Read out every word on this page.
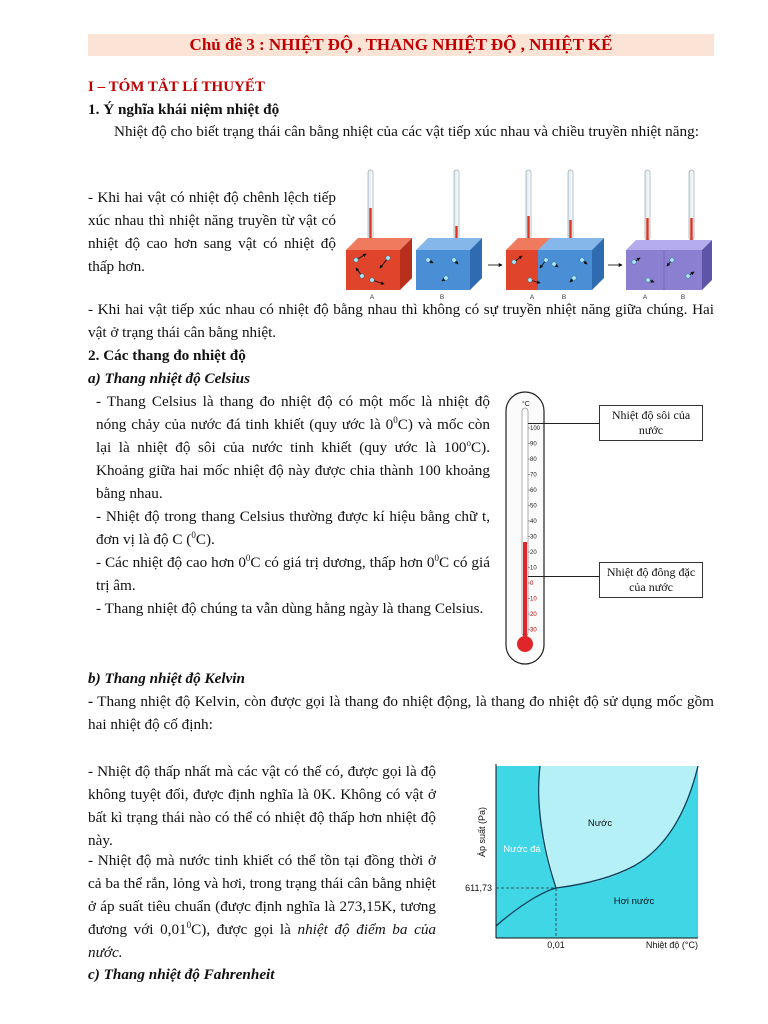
Chủ đề 3 : NHIỆT ĐỘ , THANG NHIỆT ĐỘ , NHIỆT KẾ
I – TÓM TẮT LÍ THUYẾT
1. Ý nghĩa khái niệm nhiệt độ
Nhiệt độ cho biết trạng thái cân bằng nhiệt của các vật tiếp xúc nhau và chiều truyền nhiệt năng:
- Khi hai vật có nhiệt độ chênh lệch tiếp xúc nhau thì nhiệt năng truyền từ vật có nhiệt độ cao hơn sang vật có nhiệt độ thấp hơn.
A	B	A	B	A	B
- Khi hai vật tiếp xúc nhau có nhiệt độ bằng nhau thì không có sự truyền nhiệt năng giữa chúng. Hai vật ở trạng thái cân bằng nhiệt.
2. Các thang đo nhiệt độ
a) Thang nhiệt độ Celsius
- Thang Celsius là thang đo nhiệt độ có một mốc là nhiệt độ nóng chảy của nước đá tinh khiết (quy ước là $0^0C$) và mốc còn lại là nhiệt độ sôi của nước tinh khiết (quy ước là 100$^o$C). Khoảng giữa hai mốc nhiệt độ này được chia thành 100 khoảng bằng nhau.
- Nhiệt độ trong thang Celsius thường được kí hiệu bằng chữ t, đơn vị là độ C ($^0$C).
- Các nhiệt độ cao hơn $0^0C$ có giá trị dương, thấp hơn $0^0C$ có giá trị âm.
- Thang nhiệt độ chúng ta vẫn dùng hằng ngày là thang Celsius.
°C
100
90
80
70
60
50
40
30
20
10
0
10
20
30
Nhiệt độ sôi của nước
Nhiệt độ đông đặc của nước
b) Thang nhiệt độ Kelvin
- Thang nhiệt độ Kelvin, còn được gọi là thang đo nhiệt động, là thang đo nhiệt độ sử dụng mốc gồm hai nhiệt độ cố định:
- Nhiệt độ thấp nhất mà các vật có thể có, được gọi là độ không tuyệt đối, được định nghĩa là 0K. Không có vật ở bất kì trạng thái nào có thể có nhiệt độ thấp hơn nhiệt độ này.
- Nhiệt độ mà nước tinh khiết có thể tồn tại đồng thời ở cả ba thể rắn, lỏng và hơi, trong trạng thái cân bằng nhiệt ở áp suất tiêu chuẩn (được định nghĩa là 273,15K, tương đương với 0,01$^0$C), được gọi là nhiệt độ điểm ba của nước.
Áp suất (Pa)
611,73
0,01	Nhiệt độ (°C)
Nước
Hơi nước
Nước đá
c) Thang nhiệt độ Fahrenheit
